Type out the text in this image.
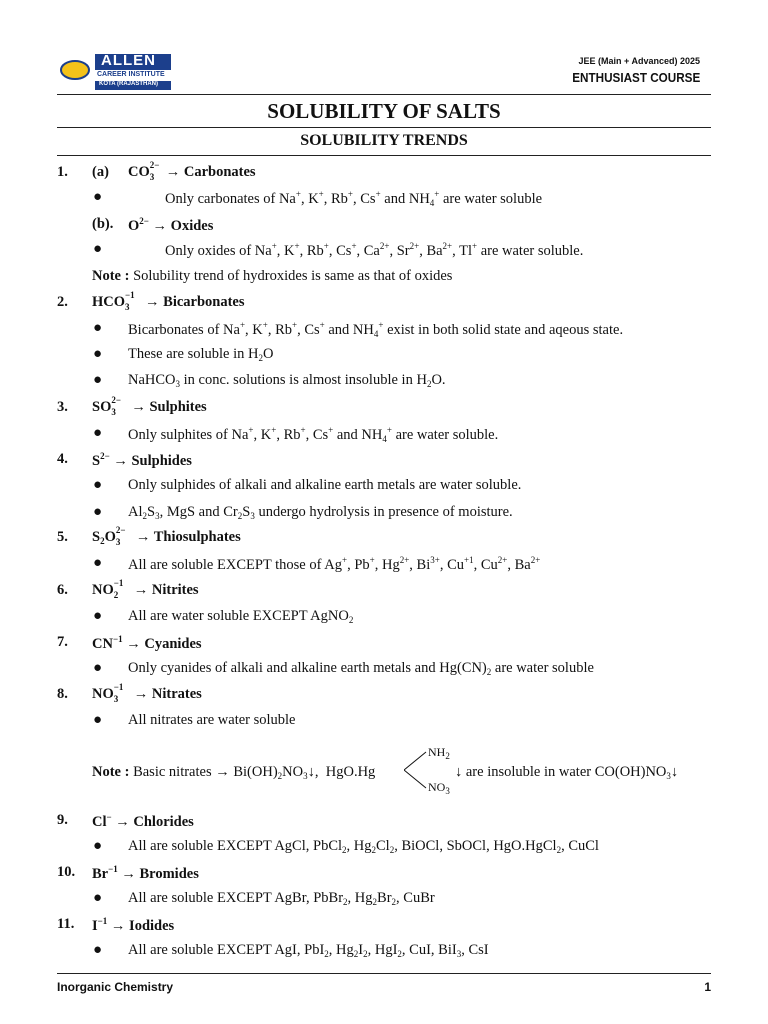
ALLEN
CAREER INSTITUTE
KOTA (RAJASTHAN)
JEE (Main + Advanced) 2025
ENTHUSIAST COURSE
SOLUBILITY OF SALTS
SOLUBILITY TRENDS
1. (a) CO 2−
3 → Carbonates
●	Only carbonates of Na+, K+, Rb+, Cs+ and $NH_4^+$ are water soluble
(b). $O^{2-}$ → Oxides
●	Only oxides of Na+, K+, Rb+, Cs+, $Ca^{2+}$, $Sr^{2+}$, $Ba^{2+}$, Tl+ are water soluble.
Note : Solubility trend of hydroxides is same as that of oxides
2. HCO −1
3 → Bicarbonates
● Bicarbonates of Na+, K+, Rb+, Cs+ and $NH_4^+$ exist in both solid state and aqeous state.
● These are soluble in $H_2O$
● NaHCO$_3$ in conc. solutions is almost insoluble in $H_2O$.
3. SO 2−
3 → Sulphites
● Only sulphites of Na+, K+, Rb+, Cs+ and $NH_4^+$ are water soluble.
4. $S^{2-}$ → Sulphides
● Only sulphides of alkali and alkaline earth metals are water soluble.
● $Al_2S_3$, MgS and $Cr_2S_3$ undergo hydrolysis in presence of moisture.
5. $S_2O$ 2−
3 → Thiosulphates
● All are soluble EXCEPT those of Ag+, Pb+, $Hg^{2+}$, $Bi^{3+}$, $Cu^{+1}$, $Cu^{2+}$, $Ba^{2+}$
6. NO −1
2 → Nitrites
● All are water soluble EXCEPT AgNO$_2$
7. $CN^{-1}$ → Cyanides
● Only cyanides of alkali and alkaline earth metals and $Hg(CN)_2$ are water soluble
8. NO −1
3 → Nitrates
● All nitrates are water soluble
Note : Basic nitrates → $Bi(OH)_2NO_3↓$,  HgO.Hg
$NH_2$
$NO_3$
↓ are insoluble in water $CO(OH)NO_3↓$
9. Cl− → Chlorides
● All are soluble EXCEPT AgCl, PbCl$_2$, $Hg_2Cl_2$, BiOCl, SbOCl, HgO.HgCl$_2$, CuCl
10. $Br^{-1}$ → Bromides
● All are soluble EXCEPT AgBr, PbBr$_2$, $Hg_2Br_2$, CuBr
11. $I^{-1}$ → Iodides
● All are soluble EXCEPT AgI, PbI$_2$, $Hg_2I_2$, HgI$_2$, CuI, BiI$_3$, CsI
Inorganic Chemistry	1
